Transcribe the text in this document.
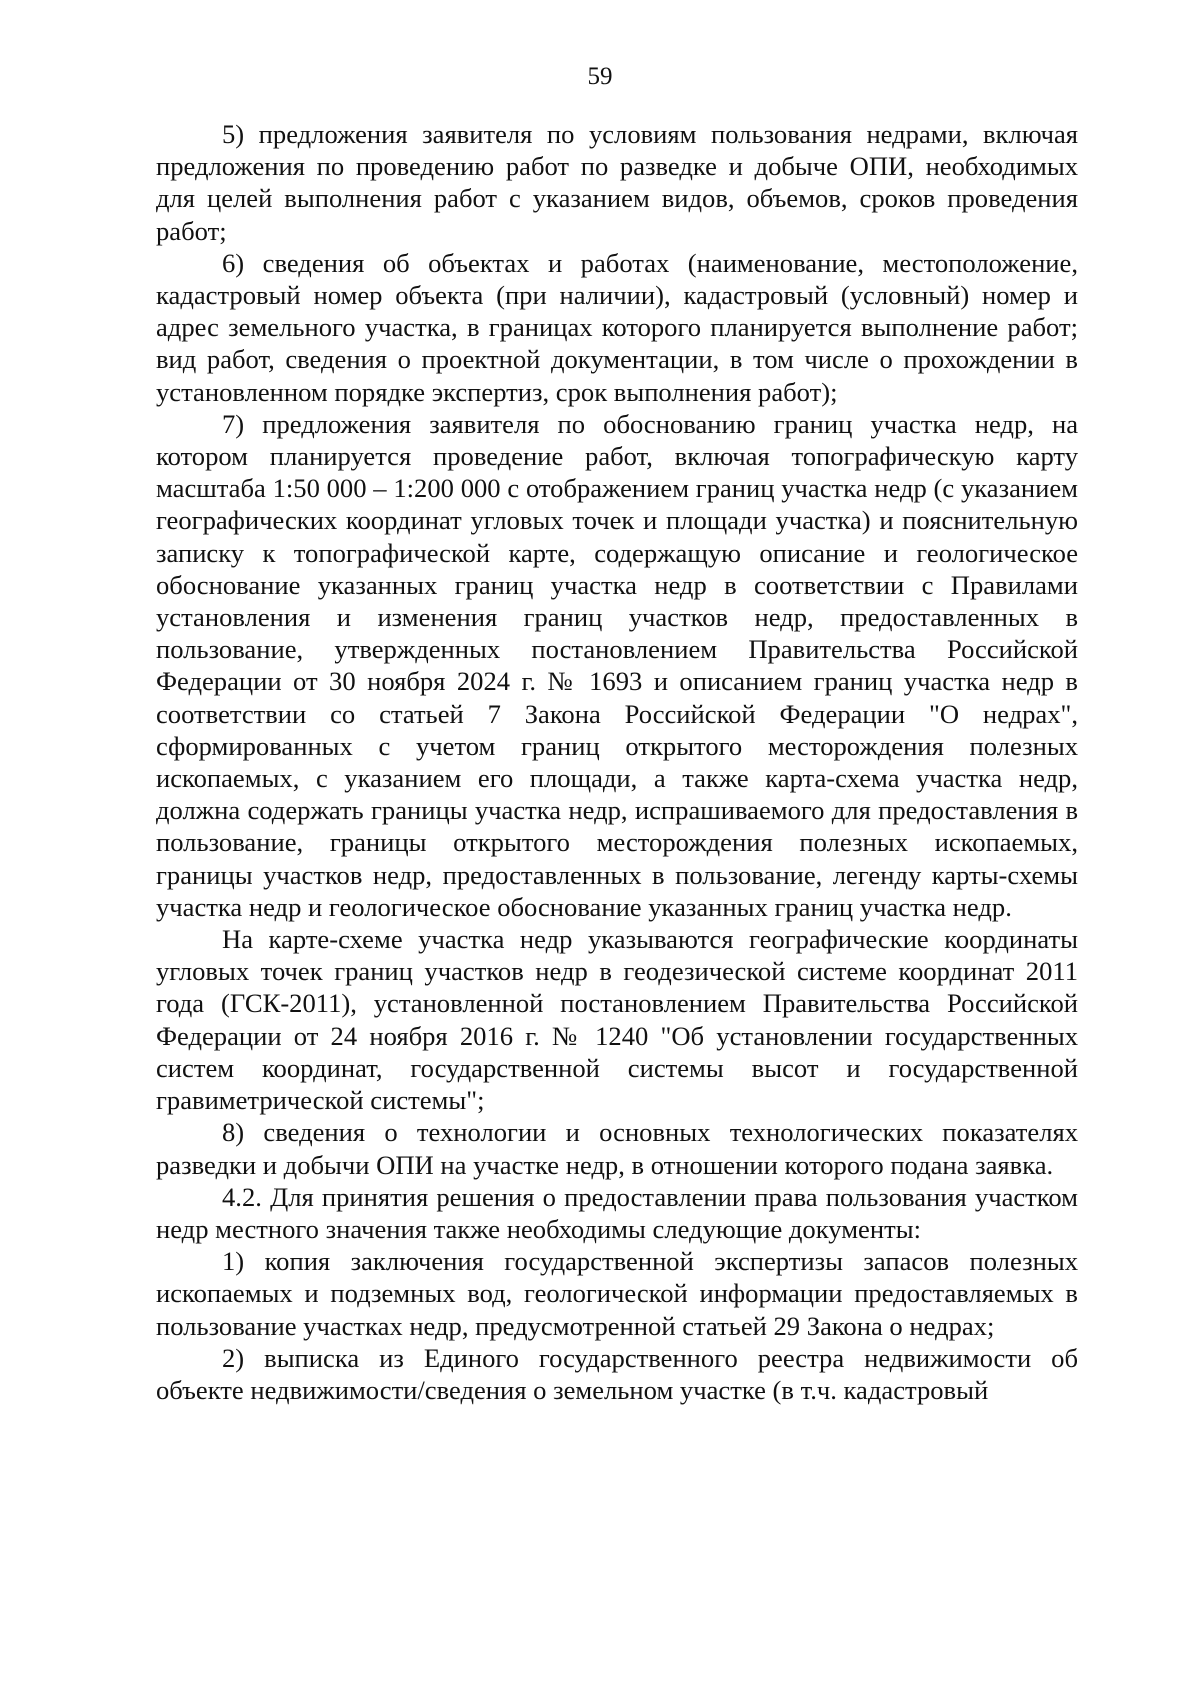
59

5) предложения заявителя по условиям пользования недрами, включая предложения по проведению работ по разведке и добыче ОПИ, необходимых для целей выполнения работ с указанием видов, объемов, сроков проведения работ;

6) сведения об объектах и работах (наименование, местоположение, кадастровый номер объекта (при наличии), кадастровый (условный) номер и адрес земельного участка, в границах которого планируется выполнение работ; вид работ, сведения о проектной документации, в том числе о прохождении в установленном порядке экспертиз, срок выполнения работ);

7) предложения заявителя по обоснованию границ участка недр, на котором планируется проведение работ, включая топографическую карту масштаба 1:50 000 – 1:200 000 с отображением границ участка недр (с указанием географических координат угловых точек и площади участка) и пояснительную записку к топографической карте, содержащую описание и геологическое обоснование указанных границ участка недр в соответствии с Правилами установления и изменения границ участков недр, предоставленных в пользование, утвержденных постановлением Правительства Российской Федерации от 30 ноября 2024 г. № 1693 и описанием границ участка недр в соответствии со статьей 7 Закона Российской Федерации "О недрах", сформированных с учетом границ открытого месторождения полезных ископаемых, с указанием его площади, а также карта-схема участка недр, должна содержать границы участка недр, испрашиваемого для предоставления в пользование, границы открытого месторождения полезных ископаемых, границы участков недр, предоставленных в пользование, легенду карты-схемы участка недр и геологическое обоснование указанных границ участка недр.

На карте-схеме участка недр указываются географические координаты угловых точек границ участков недр в геодезической системе координат 2011 года (ГСК-2011), установленной постановлением Правительства Российской Федерации от 24 ноября 2016 г. № 1240 "Об установлении государственных систем координат, государственной системы высот и государственной гравиметрической системы";

8) сведения о технологии и основных технологических показателях разведки и добычи ОПИ на участке недр, в отношении которого подана заявка.

4.2. Для принятия решения о предоставлении права пользования участком недр местного значения также необходимы следующие документы:

1) копия заключения государственной экспертизы запасов полезных ископаемых и подземных вод, геологической информации предоставляемых в пользование участках недр, предусмотренной статьей 29 Закона о недрах;

2) выписка из Единого государственного реестра недвижимости об объекте недвижимости/сведения о земельном участке (в т.ч. кадастровый
